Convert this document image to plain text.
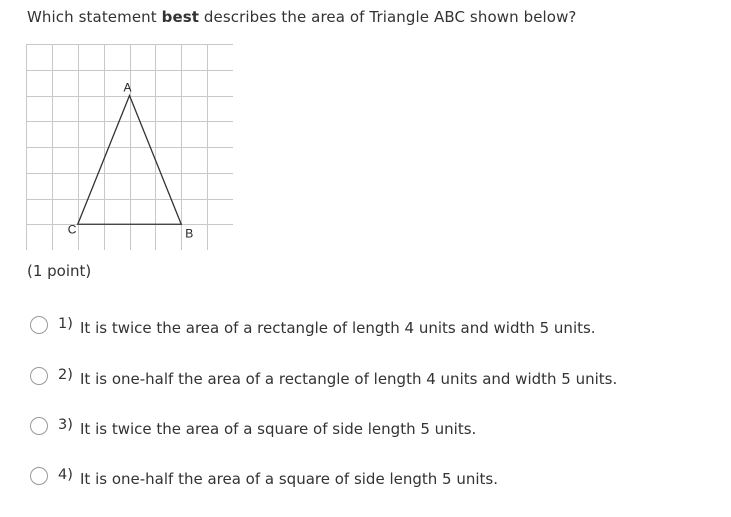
Which statement best describes the area of Triangle ABC shown below?
A
B
C
(1 point)
1) It is twice the area of a rectangle of length 4 units and width 5 units.
2) It is one-half the area of a rectangle of length 4 units and width 5 units.
3) It is twice the area of a square of side length 5 units.
4) It is one-half the area of a square of side length 5 units.
